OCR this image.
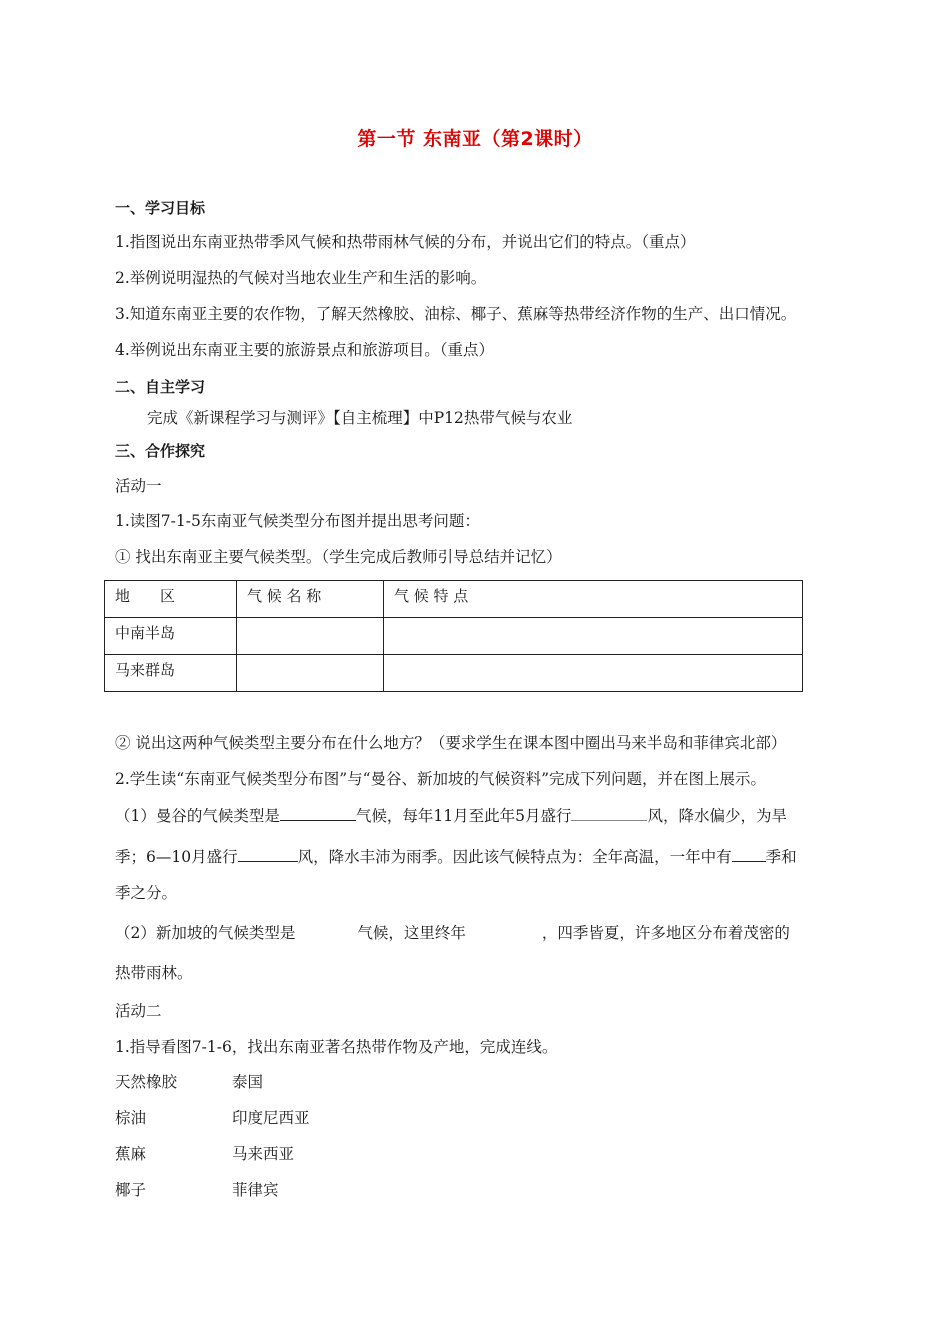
第一节 东南亚（第2课时）
一、学习目标
1.指图说出东南亚热带季风气候和热带雨林气候的分布，并说出它们的特点。（重点）
2.举例说明湿热的气候对当地农业生产和生活的影响。
3.知道东南亚主要的农作物，了解天然橡胶、油棕、椰子、蕉麻等热带经济作物的生产、出口情况。
4.举例说出东南亚主要的旅游景点和旅游项目。（重点）
二、自主学习
完成《新课程学习与测评》【自主梳理】中P12热带气候与农业
三、合作探究
活动一
1.读图7-1-5东南亚气候类型分布图并提出思考问题：
① 找出东南亚主要气候类型。（学生完成后教师引导总结并记忆）
地　　区	气 候 名 称	气 候 特 点
中南半岛		
马来群岛		
② 说出这两种气候类型主要分布在什么地方？（要求学生在课本图中圈出马来半岛和菲律宾北部）
2.学生读“东南亚气候类型分布图”与“曼谷、新加坡的气候资料”完成下列问题，并在图上展示。
（1）曼谷的气候类型是	气候，每年11月至此年5月盛行	风，降水偏少，为旱
季；6—10月盛行	风，降水丰沛为雨季。因此该气候特点为：全年高温，一年中有 季和
季之分。
（2）新加坡的气候类型是	气候，这里终年	，四季皆夏，许多地区分布着茂密的
热带雨林。
活动二
1.指导看图7-1-6，找出东南亚著名热带作物及产地，完成连线。
天然橡胶	泰国
棕油	印度尼西亚
蕉麻	马来西亚
椰子	菲律宾
